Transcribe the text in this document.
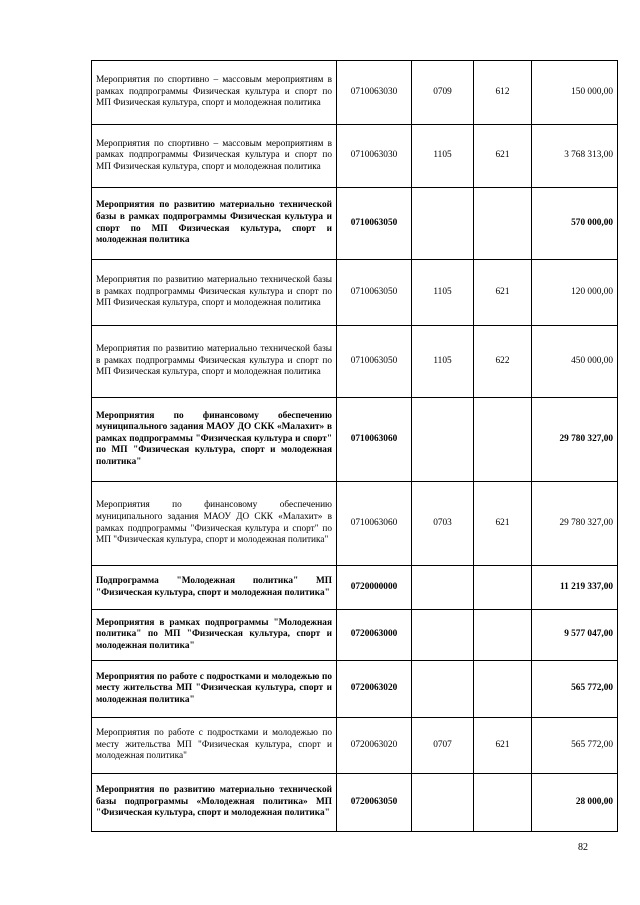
Мероприятия по спортивно – массовым мероприятиям в рамках подпрограммы Физическая культура и спорт по МП Физическая культура, спорт и молодежная политика	0710063030	0709	612	150 000,00
Мероприятия по спортивно – массовым мероприятиям в рамках подпрограммы Физическая культура и спорт по МП Физическая культура, спорт и молодежная политика	0710063030	1105	621	3 768 313,00
Мероприятия по развитию материально технической базы в рамках подпрограммы Физическая культура и спорт по МП Физическая культура, спорт и молодежная политика	0710063050			570 000,00
Мероприятия по развитию материально технической базы в рамках подпрограммы Физическая культура и спорт по МП Физическая культура, спорт и молодежная политика	0710063050	1105	621	120 000,00
Мероприятия по развитию материально технической базы в рамках подпрограммы Физическая культура и спорт по МП Физическая культура, спорт и молодежная политика	0710063050	1105	622	450 000,00
Мероприятия по финансовому обеспечению муниципального задания МАОУ ДО СКК «Малахит» в рамках подпрограммы "Физическая культура и спорт" по МП "Физическая культура, спорт и молодежная политика"	0710063060			29 780 327,00
Мероприятия по финансовому обеспечению муниципального задания МАОУ ДО СКК «Малахит» в рамках подпрограммы "Физическая культура и спорт" по МП "Физическая культура, спорт и молодежная политика"	0710063060	0703	621	29 780 327,00
Подпрограмма "Молодежная политика" МП "Физическая культура, спорт и молодежная политика"	0720000000			11 219 337,00
Мероприятия в рамках подпрограммы "Молодежная политика" по МП "Физическая культура, спорт и молодежная политика"	0720063000			9 577 047,00
Мероприятия по работе с подростками и молодежью по месту жительства МП "Физическая культура, спорт и молодежная политика"	0720063020			565 772,00
Мероприятия по работе с подростками и молодежью по месту жительства МП "Физическая культура, спорт и молодежная политика"	0720063020	0707	621	565 772,00
Мероприятия по развитию материально технической базы подпрограммы «Молодежная политика» МП "Физическая культура, спорт и молодежная политика"	0720063050			28 000,00
82
